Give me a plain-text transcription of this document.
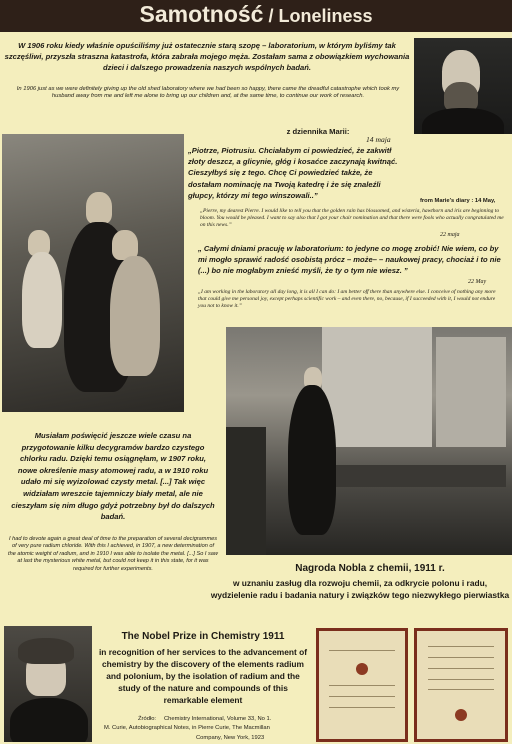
Samotność / Loneliness
W 1906 roku kiedy właśnie opuściliśmy już ostatecznie starą szopę – laboratorium, w którym byliśmy tak szczęśliwi, przyszła straszna katastrofa, która zabrała mojego męża. Zostałam sama z obowiązkiem wychowania dzieci i dalszego prowadzenia naszych wspólnych badań.
In 1906 just as we were definitely giving up the old shed laboratory where we had been so happy, there came the dreadful catastrophe which took my husband away from me and left me alone to bring up our children and, at the same time, to continue our work of research.
z dziennika Marii:
14 maja
„Piotrze, Piotrusiu. Chciałabym ci powiedzieć, że zakwitł złoty deszcz, a glicynie, głóg i kosaćce zaczynają kwitnąć. Cieszyłbyś się z tego. Chcę Ci powiedzieć także, że dostałam nominację na Twoją katedrę i że się znaleźli głupcy, którzy mi tego winszowali..”
from Marie's diary : 14 May,
„Pierre, my dearest Pierre. I would like to tell you that the golden rain has blossomed, and wisteria, hawthorn and iris are beginning to bloom. You would be pleased. I want to say also that I got your chair nomination and that there were fools who actually congratulated me on this news.”
22 maja
„ Całymi dniami pracuję w laboratorium: to jedyne co mogę zrobić! Nie wiem, co by mi mogło sprawić radość osobistą prócz – może– – naukowej pracy, chociaż i to nie (...) bo nie mogłabym znieść myśli, że ty o tym nie wiesz. ”
22 May
„I am working in the laboratory all day long, it is all I can do: I am better off there than anywhere else. I conceive of nothing any more that could give me personal joy, except perhaps scientific work – and even there, no, because, if I succeeded with it, I would not endure you not to know it.”
Musiałam poświęcić jeszcze wiele czasu na przygotowanie kilku decygramów bardzo czystego chlorku radu. Dzięki temu osiągnęłam, w 1907 roku, nowe określenie masy atomowej radu, a w 1910 roku udało mi się wyizolować czysty metal. [...] Tak więc widziałam wreszcie tajemniczy biały metal, ale nie cieszyłam się nim długo gdyż potrzebny był do dalszych badań.
I had to devote again a great deal of time to the preparation of several decigrammes of very pure radium chloride. With this I achieved, in 1907, a new determination of the atomic weight of radium, and in 1910 I was able to isolate the metal. [...] So I saw at last the mysterious white metal, but could not keep it in this state, for it was required for further experiments.	Nagroda Nobla z chemii, 1911 r.
w uznaniu zasług dla rozwoju chemii, za odkrycie polonu i radu, wydzielenie radu i badania natury i związków tego niezwykłego pierwiastka
The Nobel Prize in Chemistry 1911
in recognition of her services to the advancement of chemistry by the discovery of the elements radium and polonium, by the isolation of radium and the study of the nature and compounds of this remarkable element
Źródło: Chemistry International, Volume 33, No 1.
M. Curie, Autobiographical Notes, in Pierre Curie, The Macmillan
Company, New York, 1923
